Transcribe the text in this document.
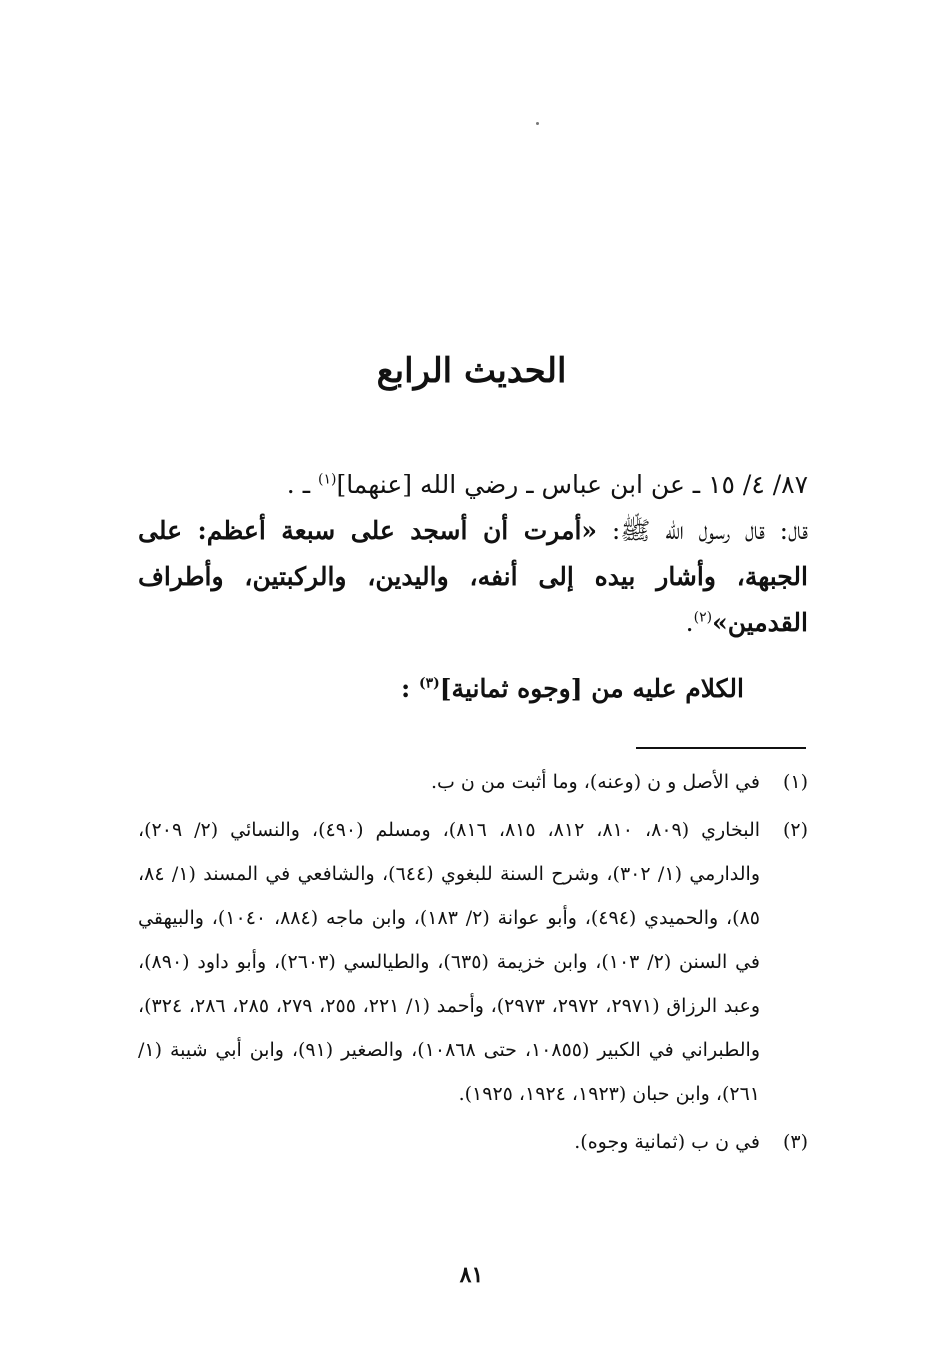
الحديث الرابع

٨٧/ ٤/ ١٥ ـ عن ابن عباس ـ رضي الله [عنهما]$^{(١)}$ ـ .
قال: قال رسول الله ﷺ: «أمرت أن أسجد على سبعة أعظم: على الجبهة، وأشار بيده إلى أنفه، واليدين، والركبتين، وأطراف القدمين»$^{(٢)}$.

الكلام عليه من [وجوه ثمانية]$^{(٣)}$ :

(١)
في الأصل و ن (وعنه)، وما أثبت من ن ب.
(٢)
البخاري (٨٠٩، ٨١٠، ٨١٢، ٨١٥، ٨١٦)، ومسلم (٤٩٠)، والنسائي (٢/ ٢٠٩)، والدارمي (١/ ٣٠٢)، وشرح السنة للبغوي (٦٤٤)، والشافعي في المسند (١/ ٨٤، ٨٥)، والحميدي (٤٩٤)، وأبو عوانة (٢/ ١٨٣)، وابن ماجه (٨٨٤، ١٠٤٠)، والبيهقي في السنن (٢/ ١٠٣)، وابن خزيمة (٦٣٥)، والطيالسي (٢٦٠٣)، وأبو داود (٨٩٠)، وعبد الرزاق (٢٩٧١، ٢٩٧٢، ٢٩٧٣)، وأحمد (١/ ٢٢١، ٢٥٥، ٢٧٩، ٢٨٥، ٢٨٦، ٣٢٤)، والطبراني في الكبير (١٠٨٥٥، حتى ١٠٨٦٨)، والصغير (٩١)، وابن أبي شيبة (١/ ٢٦١)، وابن حبان (١٩٢٣، ١٩٢٤، ١٩٢٥).
(٣)
في ن ب (ثمانية وجوه).
٨١
